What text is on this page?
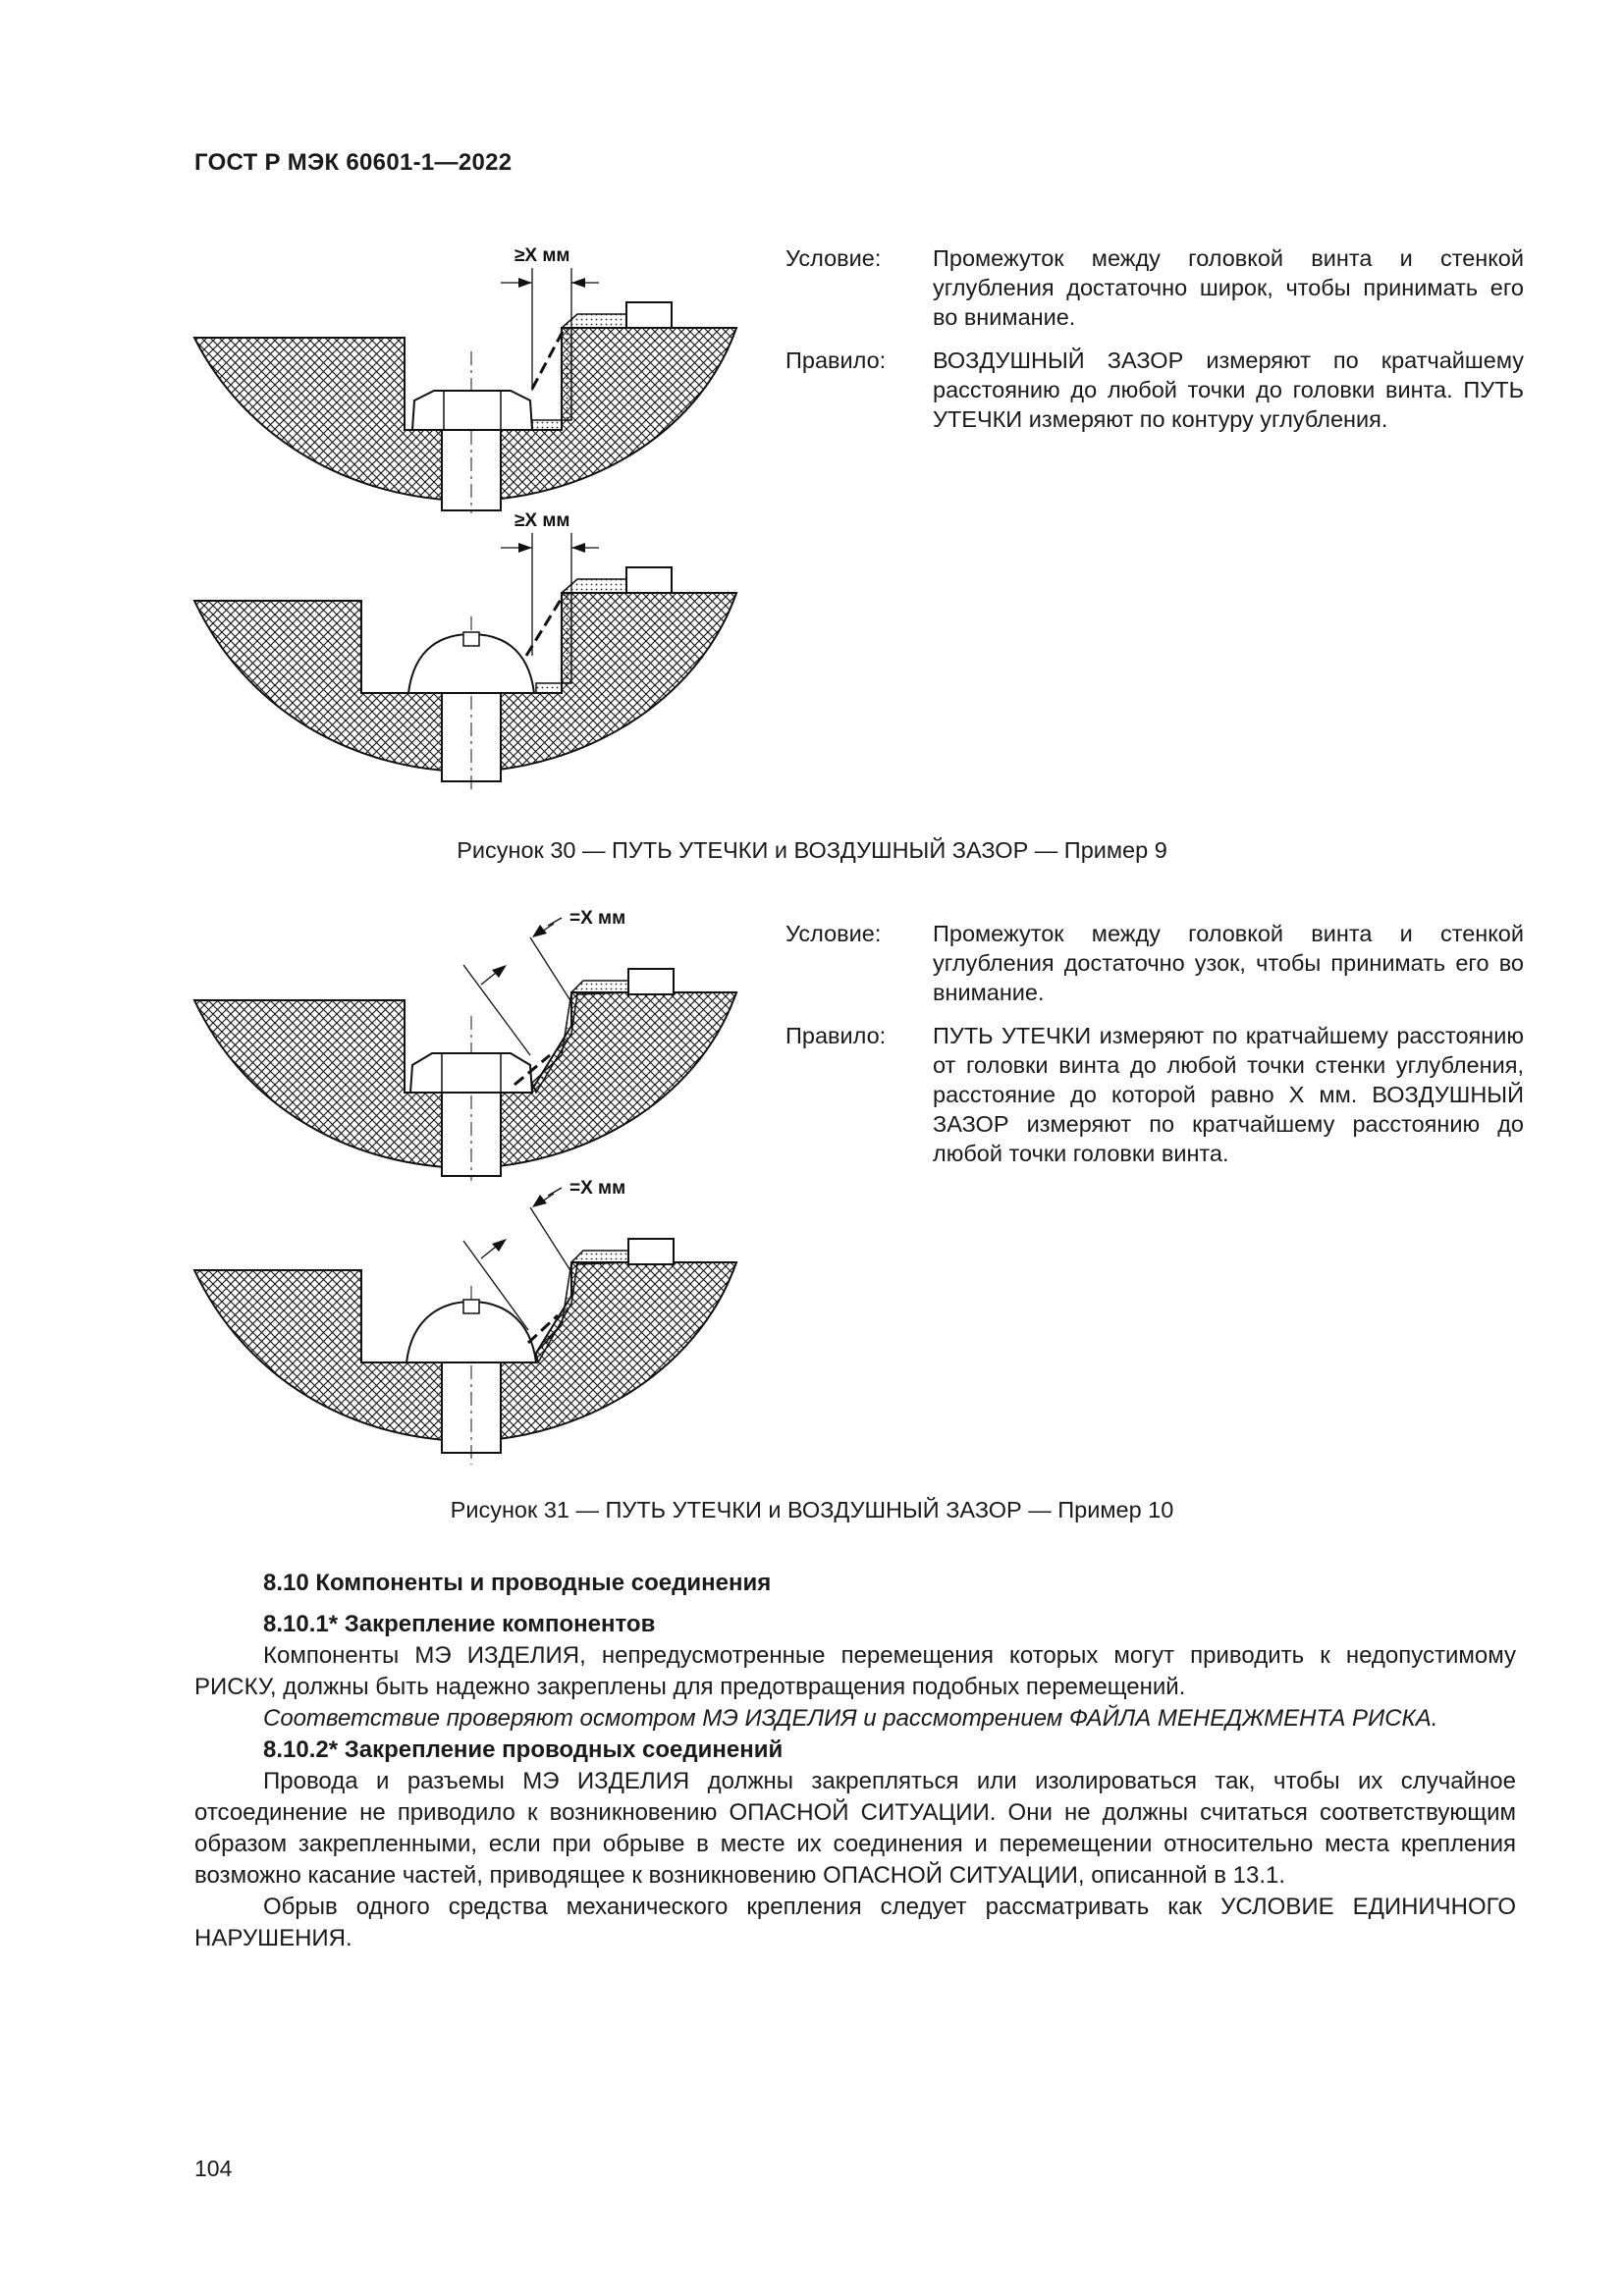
ГОСТ Р МЭК 60601-1—2022
≥X мм
≥X мм
Условие:	Промежуток между головкой винта и стенкой углубления достаточно широк, чтобы принимать его во внимание.
Правило:	ВОЗДУШНЫЙ ЗАЗОР измеряют по кратчайшему расстоянию до любой точки до головки винта. ПУТЬ УТЕЧКИ измеряют по контуру углубления.
Рисунок 30 — ПУТЬ УТЕЧКИ и ВОЗДУШНЫЙ ЗАЗОР — Пример 9
=X мм
=X мм
Условие:	Промежуток между головкой винта и стенкой углубления достаточно узок, чтобы принимать его во внимание.
Правило:	ПУТЬ УТЕЧКИ измеряют по кратчайшему расстоянию от головки винта до любой точки стенки углубления, расстояние до которой равно X мм. ВОЗДУШНЫЙ ЗАЗОР измеряют по кратчайшему расстоянию до любой точки головки винта.
Рисунок 31 — ПУТЬ УТЕЧКИ и ВОЗДУШНЫЙ ЗАЗОР — Пример 10
8.10 Компоненты и проводные соединения
8.10.1* Закрепление компонентов

Компоненты МЭ ИЗДЕЛИЯ, непредусмотренные перемещения которых могут приводить к недопустимому РИСКУ, должны быть надежно закреплены для предотвращения подобных перемещений.

Соответствие проверяют осмотром МЭ ИЗДЕЛИЯ и рассмотрением ФАЙЛА МЕНЕДЖМЕНТА РИСКА.

8.10.2* Закрепление проводных соединений

Провода и разъемы МЭ ИЗДЕЛИЯ должны закрепляться или изолироваться так, чтобы их случайное отсоединение не приводило к возникновению ОПАСНОЙ СИТУАЦИИ. Они не должны считаться соответствующим образом закрепленными, если при обрыве в месте их соединения и перемещении относительно места крепления возможно касание частей, приводящее к возникновению ОПАСНОЙ СИТУАЦИИ, описанной в 13.1.

Обрыв одного средства механического крепления следует рассматривать как УСЛОВИЕ ЕДИНИЧНОГО НАРУШЕНИЯ.

104
